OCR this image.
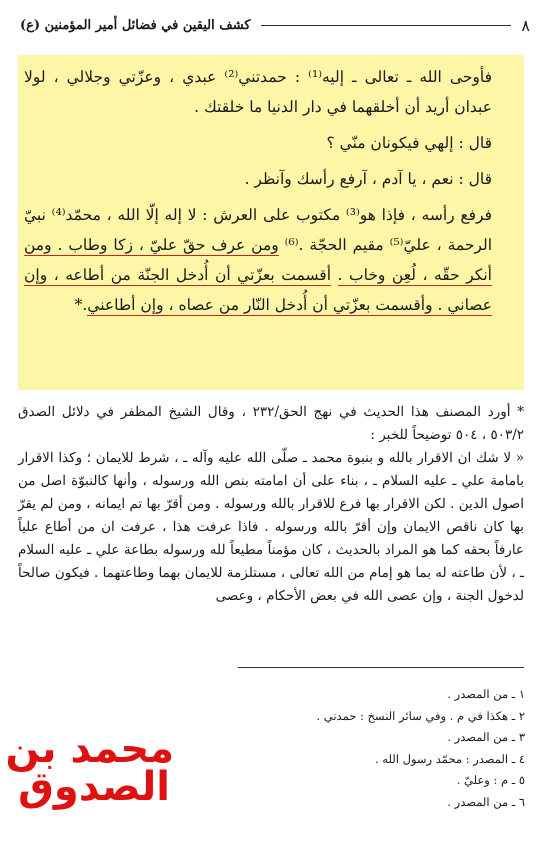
٨
كشف اليقين في فضائل أمير المؤمنين (ع)

فأوحى الله ـ تعالى ـ إليه⁽¹⁾ : حمدتني⁽²⁾ عبدي ، وعزّتي وجلالي ، لولا عبدان أريد أن أخلقهما في دار الدنيا ما خلقتك .

قال : إلهي فيكونان منّي ؟

قال : نعم ، يا آدم ، آرفع رأسك وآنظر .

فرفع رأسه ، فإذا هو⁽³⁾ مكتوب على العرش : لا إله إلّا الله ، محمّد⁽⁴⁾ نبيّ الرحمة ، عليّ⁽⁵⁾ مقيم الحجّة .⁽⁶⁾ ومن عرف حقّ عليّ ، زكا وطاب . ومن أنكر حقّه ، لُعِن وخاب . أقسمت بعزّتي أن أُدخل الجنّة من أطاعه ، وإن عصاني . وأقسمت بعزّتي أن أُدخل النّار من عصاه ، وإن أطاعني.*

* أورد المصنف هذا الحديث في نهج الحق/٢٣٢ ، وقال الشيخ المظفر في دلائل الصدق ٥٠٣/٢ ، ٥٠٤ توضيحاً للخبر :

« لا شك ان الاقرار بالله و بنبوة محمد ـ صلّى الله عليه وآله ـ ، شرط للايمان ؛ وكذا الاقرار بامامة علي ـ عليه السلام ـ ، بناء على أن امامته بنص الله ورسوله ، وأنها كالنبوّة اصل من اصول الدين . لكن الاقرار بها فرع للاقرار بالله ورسوله . ومن أقرّ بها تم ايمانه ، ومن لم يقرّ بها كان ناقص الايمان وإن أقرّ بالله ورسوله . فاذا عرفت هذا ، عرفت ان من أطاع علياً عارفاً بحقه كما هو المراد بالحديث ، كان مؤمناً مطيعاً لله ورسوله بطاعة علي ـ عليه السلام ـ ، لأن طاعته له بما هو إمام من الله تعالى ، مستلزمة للايمان بهما وطاعتهما . فيكون صالحاً لدخول الجنة ، وإن عصى الله في بعض الأحكام ، وعصى

١ ـ من المصدر .
٢ ـ هكذا في م . وفي سائر النسخ : حمدني .
٣ ـ من المصدر .
٤ ـ المصدر : محمّد رسول الله .
٥ ـ م : وعليّ .
٦ ـ من المصدر .
محمد بن
الصدوق
